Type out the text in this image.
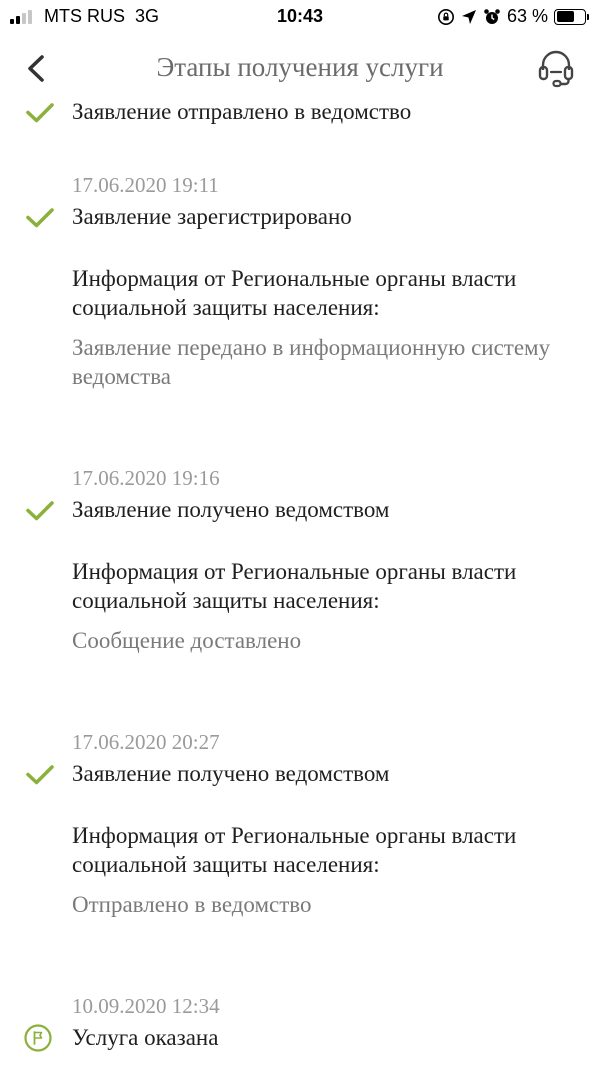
MTS RUS 3G	10:43	63 %
Этапы получения услуги
Заявление отправлено в ведомство
17.06.2020 19:11
Заявление зарегистрировано
Информация от Региональные органы власти социальной защиты населения:
Заявление передано в информационную систему ведомства
17.06.2020 19:16
Заявление получено ведомством
Информация от Региональные органы власти социальной защиты населения:
Сообщение доставлено
17.06.2020 20:27
Заявление получено ведомством
Информация от Региональные органы власти социальной защиты населения:
Отправлено в ведомство
10.09.2020 12:34
Услуга оказана
